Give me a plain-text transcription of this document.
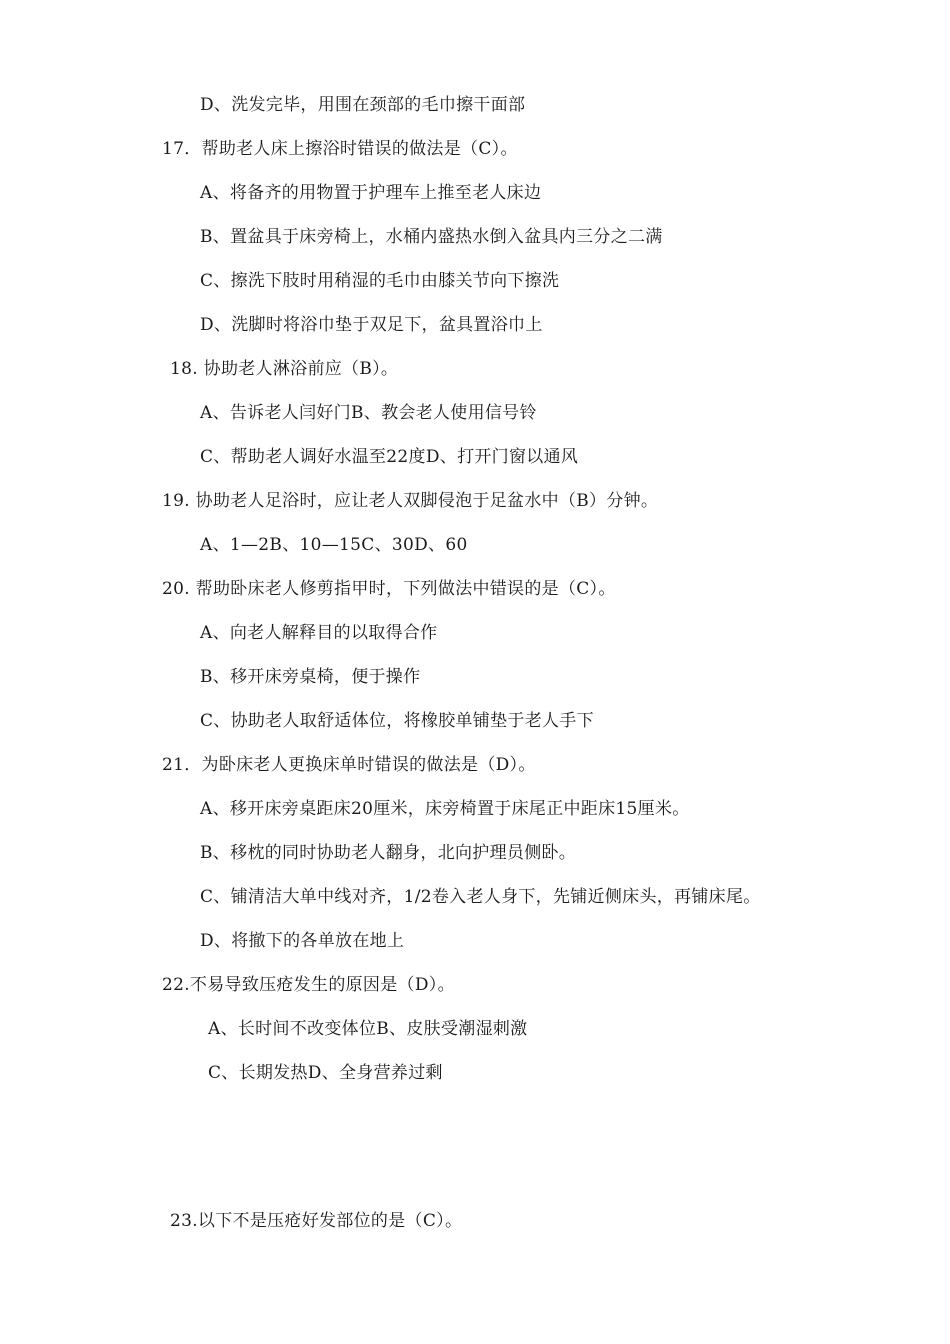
D、洗发完毕，用围在颈部的毛巾擦干面部
17．帮助老人床上擦浴时错误的做法是（C）。
A、将备齐的用物置于护理车上推至老人床边
B、置盆具于床旁椅上，水桶内盛热水倒入盆具内三分之二满
C、擦洗下肢时用稍湿的毛巾由膝关节向下擦洗
D、洗脚时将浴巾垫于双足下，盆具置浴巾上
18. 协助老人淋浴前应（B）。
A、告诉老人闫好门B、教会老人使用信号铃
C、帮助老人调好水温至22度D、打开门窗以通风
19. 协助老人足浴时，应让老人双脚侵泡于足盆水中（B）分钟。
A、1—2B、10—15C、30D、60
20. 帮助卧床老人修剪指甲时，下列做法中错误的是（C）。
A、向老人解释目的以取得合作
B、移开床旁桌椅，便于操作
C、协助老人取舒适体位，将橡胶单铺垫于老人手下
21．为卧床老人更换床单时错误的做法是（D）。
A、移开床旁桌距床20厘米，床旁椅置于床尾正中距床15厘米。
B、移枕的同时协助老人翻身，北向护理员侧卧。
C、铺清洁大单中线对齐，1/2卷入老人身下，先铺近侧床头，再铺床尾。
D、将撤下的各单放在地上
22.不易导致压疮发生的原因是（D）。
A、长时间不改变体位B、皮肤受潮湿刺激
C、长期发热D、全身营养过剩
23.以下不是压疮好发部位的是（C）。
